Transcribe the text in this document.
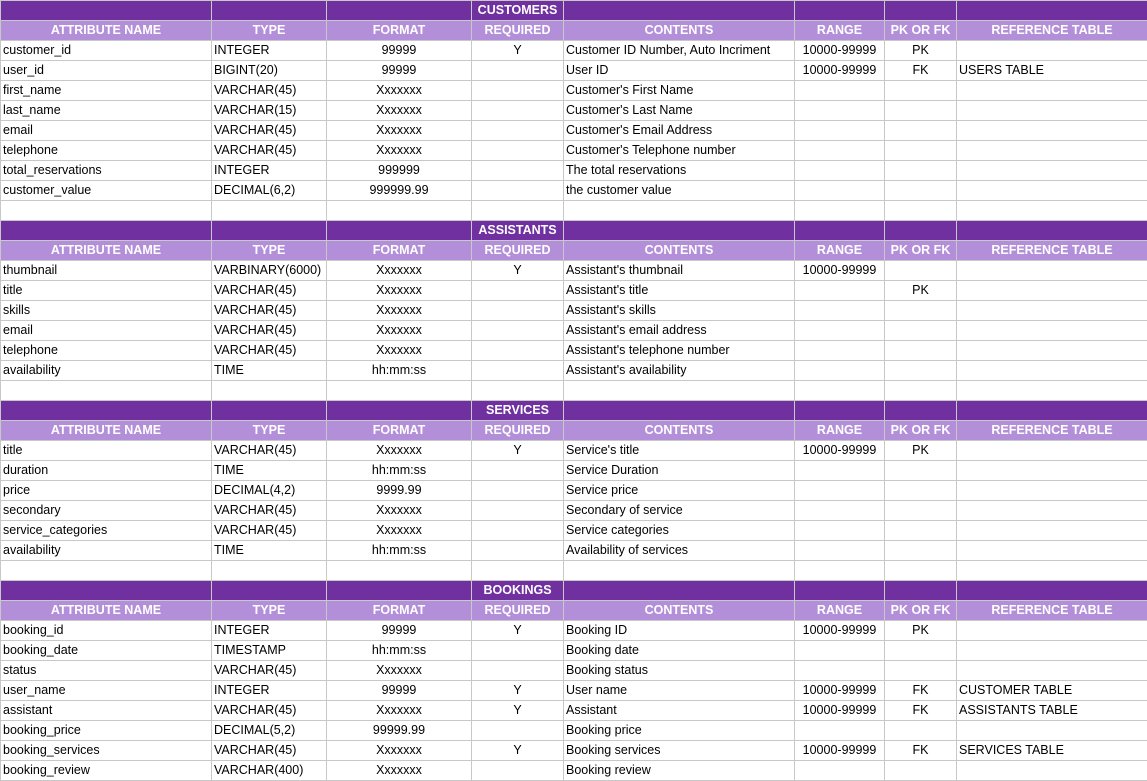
			CUSTOMERS				
ATTRIBUTE NAME	TYPE	FORMAT	REQUIRED	CONTENTS	RANGE	PK OR FK	REFERENCE TABLE
customer_id	INTEGER	99999	Y	Customer ID Number, Auto Incriment	10000-99999	PK	
user_id	BIGINT(20)	99999		User ID	10000-99999	FK	USERS TABLE
first_name	VARCHAR(45)	Xxxxxxx		Customer's First Name			
last_name	VARCHAR(15)	Xxxxxxx		Customer's Last Name			
email	VARCHAR(45)	Xxxxxxx		Customer's Email Address			
telephone	VARCHAR(45)	Xxxxxxx		Customer's Telephone number			
total_reservations	INTEGER	999999		The total reservations			
customer_value	DECIMAL(6,2)	999999.99		the customer value			

			ASSISTANTS				
ATTRIBUTE NAME	TYPE	FORMAT	REQUIRED	CONTENTS	RANGE	PK OR FK	REFERENCE TABLE
thumbnail	VARBINARY(6000)	Xxxxxxx	Y	Assistant's thumbnail	10000-99999		
title	VARCHAR(45)	Xxxxxxx		Assistant's title		PK	
skills	VARCHAR(45)	Xxxxxxx		Assistant's skills			
email	VARCHAR(45)	Xxxxxxx		Assistant's email address			
telephone	VARCHAR(45)	Xxxxxxx		Assistant's telephone number			
availability	TIME	hh:mm:ss		Assistant's availability			

			SERVICES				
ATTRIBUTE NAME	TYPE	FORMAT	REQUIRED	CONTENTS	RANGE	PK OR FK	REFERENCE TABLE
title	VARCHAR(45)	Xxxxxxx	Y	Service's title	10000-99999	PK	
duration	TIME	hh:mm:ss		Service Duration			
price	DECIMAL(4,2)	9999.99		Service price			
secondary	VARCHAR(45)	Xxxxxxx		Secondary of service			
service_categories	VARCHAR(45)	Xxxxxxx		Service categories			
availability	TIME	hh:mm:ss		Availability of services			

			BOOKINGS				
ATTRIBUTE NAME	TYPE	FORMAT	REQUIRED	CONTENTS	RANGE	PK OR FK	REFERENCE TABLE
booking_id	INTEGER	99999	Y	Booking ID	10000-99999	PK	
booking_date	TIMESTAMP	hh:mm:ss		Booking date			
status	VARCHAR(45)	Xxxxxxx		Booking status			
user_name	INTEGER	99999	Y	User name	10000-99999	FK	CUSTOMER TABLE
assistant	VARCHAR(45)	Xxxxxxx	Y	Assistant	10000-99999	FK	ASSISTANTS TABLE
booking_price	DECIMAL(5,2)	99999.99		Booking price			
booking_services	VARCHAR(45)	Xxxxxxx	Y	Booking services	10000-99999	FK	SERVICES TABLE
booking_review	VARCHAR(400)	Xxxxxxx		Booking review			
